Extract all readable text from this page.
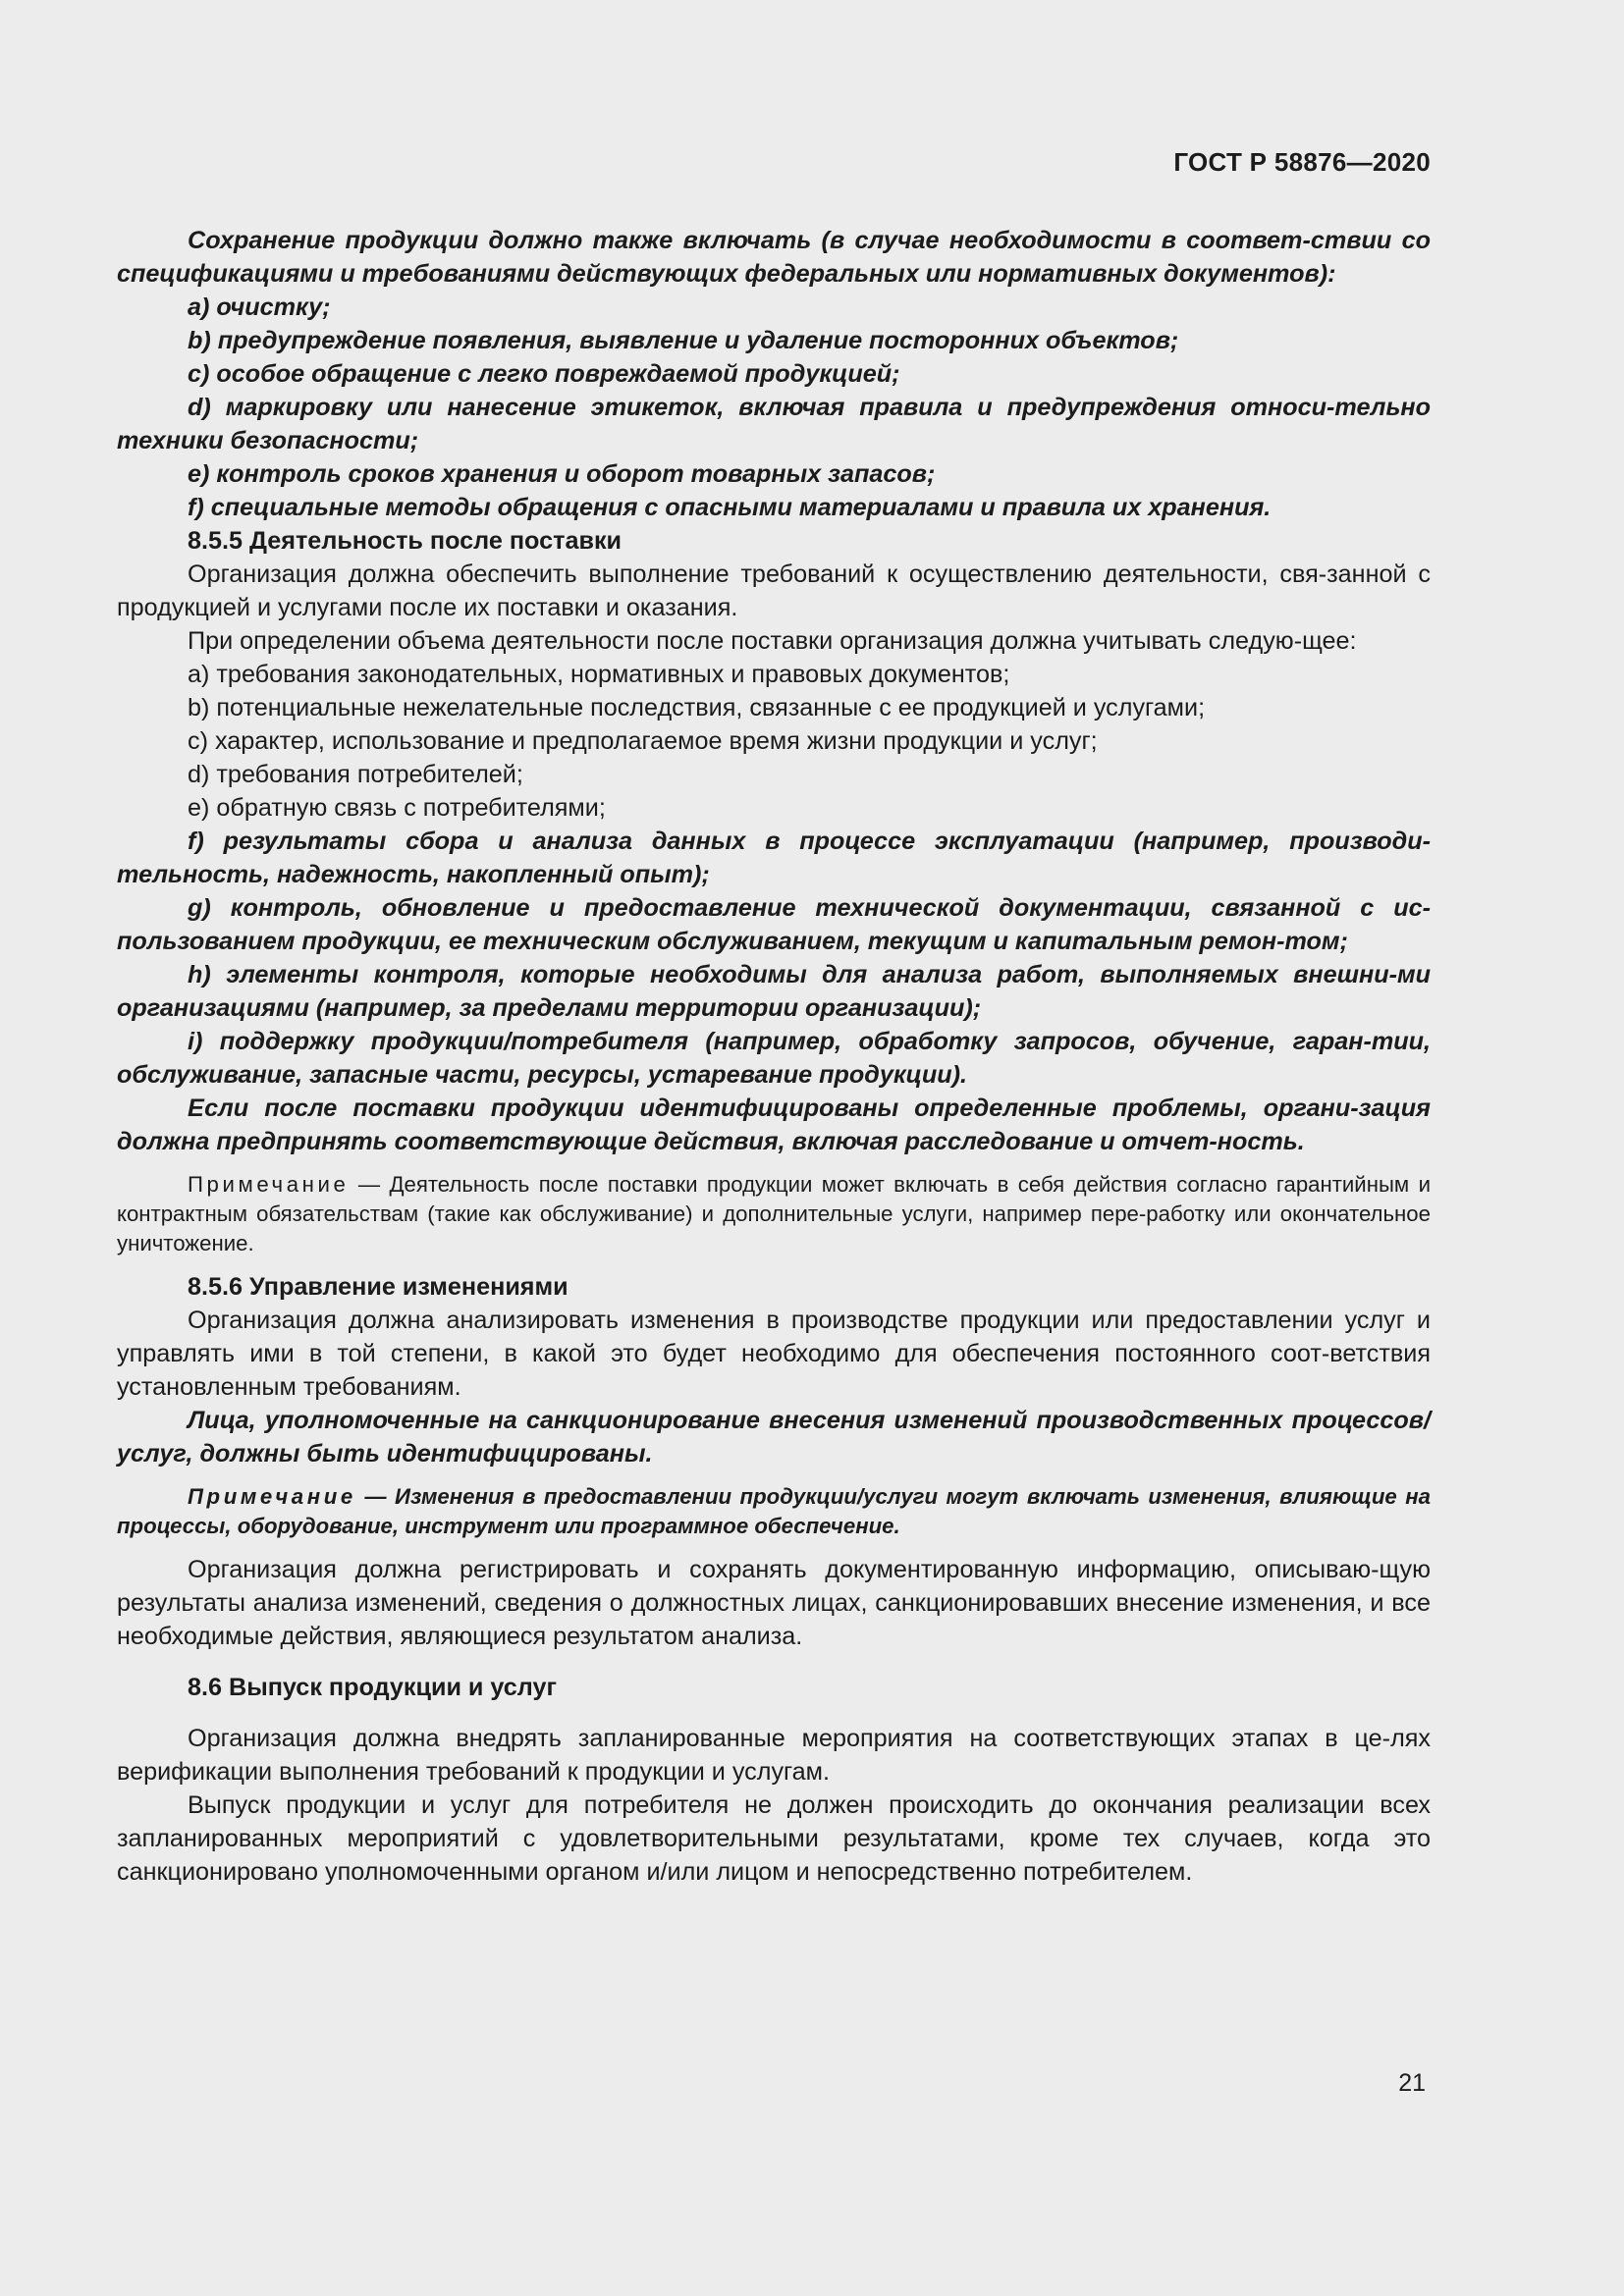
ГОСТ Р 58876—2020

Сохранение продукции должно также включать (в случае необходимости в соответ-ствии со спецификациями и требованиями действующих федеральных или нормативных документов):

a) очистку;

b) предупреждение появления, выявление и удаление посторонних объектов;

c) особое обращение с легко повреждаемой продукцией;

d) маркировку или нанесение этикеток, включая правила и предупреждения относи-тельно техники безопасности;

e) контроль сроков хранения и оборот товарных запасов;

f) специальные методы обращения с опасными материалами и правила их хранения.

8.5.5 Деятельность после поставки

Организация должна обеспечить выполнение требований к осуществлению деятельности, свя-занной с продукцией и услугами после их поставки и оказания.

При определении объема деятельности после поставки организация должна учитывать следую-щее:

a) требования законодательных, нормативных и правовых документов;

b) потенциальные нежелательные последствия, связанные с ее продукцией и услугами;

c) характер, использование и предполагаемое время жизни продукции и услуг;

d) требования потребителей;

e) обратную связь с потребителями;

f) результаты сбора и анализа данных в процессе эксплуатации (например, производи-тельность, надежность, накопленный опыт);

g) контроль, обновление и предоставление технической документации, связанной с ис-пользованием продукции, ее техническим обслуживанием, текущим и капитальным ремон-том;

h) элементы контроля, которые необходимы для анализа работ, выполняемых внешни-ми организациями (например, за пределами территории организации);

i) поддержку продукции/потребителя (например, обработку запросов, обучение, гаран-тии, обслуживание, запасные части, ресурсы, устаревание продукции).

Если после поставки продукции идентифицированы определенные проблемы, органи-зация должна предпринять соответствующие действия, включая расследование и отчет-ность.

Примечание — Деятельность после поставки продукции может включать в себя действия согласно гарантийным и контрактным обязательствам (такие как обслуживание) и дополнительные услуги, например пере-работку или окончательное уничтожение.

8.5.6 Управление изменениями

Организация должна анализировать изменения в производстве продукции или предоставлении услуг и управлять ими в той степени, в какой это будет необходимо для обеспечения постоянного соот-ветствия установленным требованиям.

Лица, уполномоченные на санкционирование внесения изменений производственных процессов/услуг, должны быть идентифицированы.

Примечание — Изменения в предоставлении продукции/услуги могут включать изменения, влияющие на процессы, оборудование, инструмент или программное обеспечение.

Организация должна регистрировать и сохранять документированную информацию, описываю-щую результаты анализа изменений, сведения о должностных лицах, санкционировавших внесение изменения, и все необходимые действия, являющиеся результатом анализа.

8.6 Выпуск продукции и услуг

Организация должна внедрять запланированные мероприятия на соответствующих этапах в це-лях верификации выполнения требований к продукции и услугам.

Выпуск продукции и услуг для потребителя не должен происходить до окончания реализации всех запланированных мероприятий с удовлетворительными результатами, кроме тех случаев, когда это санкционировано уполномоченными органом и/или лицом и непосредственно потребителем.

21
